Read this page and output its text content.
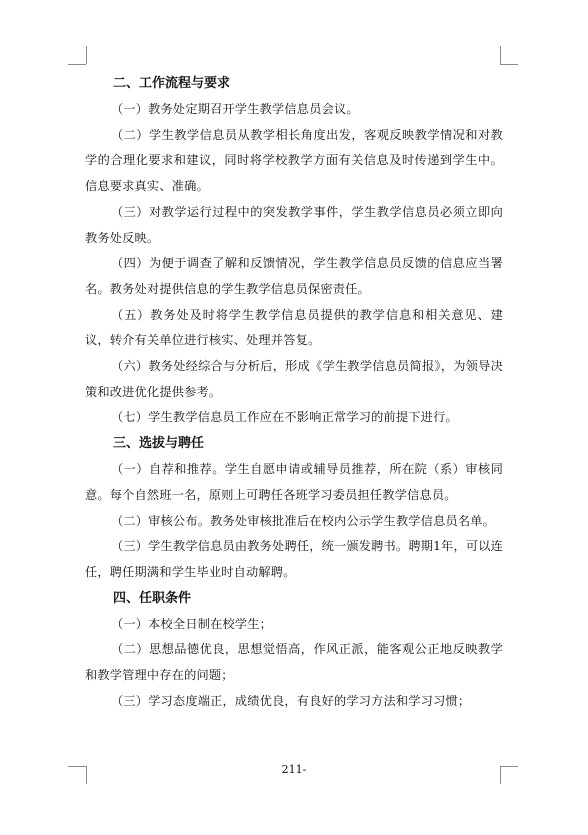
二、工作流程与要求

（一）教务处定期召开学生教学信息员会议。

（二）学生教学信息员从教学相长角度出发，客观反映教学情况和对教学的合理化要求和建议，同时将学校教学方面有关信息及时传递到学生中。信息要求真实、准确。

（三）对教学运行过程中的突发教学事件，学生教学信息员必须立即向教务处反映。

（四）为便于调查了解和反馈情况，学生教学信息员反馈的信息应当署名。教务处对提供信息的学生教学信息员保密责任。

（五）教务处及时将学生教学信息员提供的教学信息和相关意见、建议，转介有关单位进行核实、处理并答复。

（六）教务处经综合与分析后，形成《学生教学信息员简报》，为领导决策和改进优化提供参考。

（七）学生教学信息员工作应在不影响正常学习的前提下进行。

三、选拔与聘任

（一）自荐和推荐。学生自愿申请或辅导员推荐，所在院（系）审核同意。每个自然班一名，原则上可聘任各班学习委员担任教学信息员。

（二）审核公布。教务处审核批准后在校内公示学生教学信息员名单。

（三）学生教学信息员由教务处聘任，统一颁发聘书。聘期1年，可以连任，聘任期满和学生毕业时自动解聘。

四、任职条件

（一）本校全日制在校学生；

（二）思想品德优良，思想觉悟高，作风正派，能客观公正地反映教学和教学管理中存在的问题；

（三）学习态度端正，成绩优良，有良好的学习方法和学习习惯；

211-
